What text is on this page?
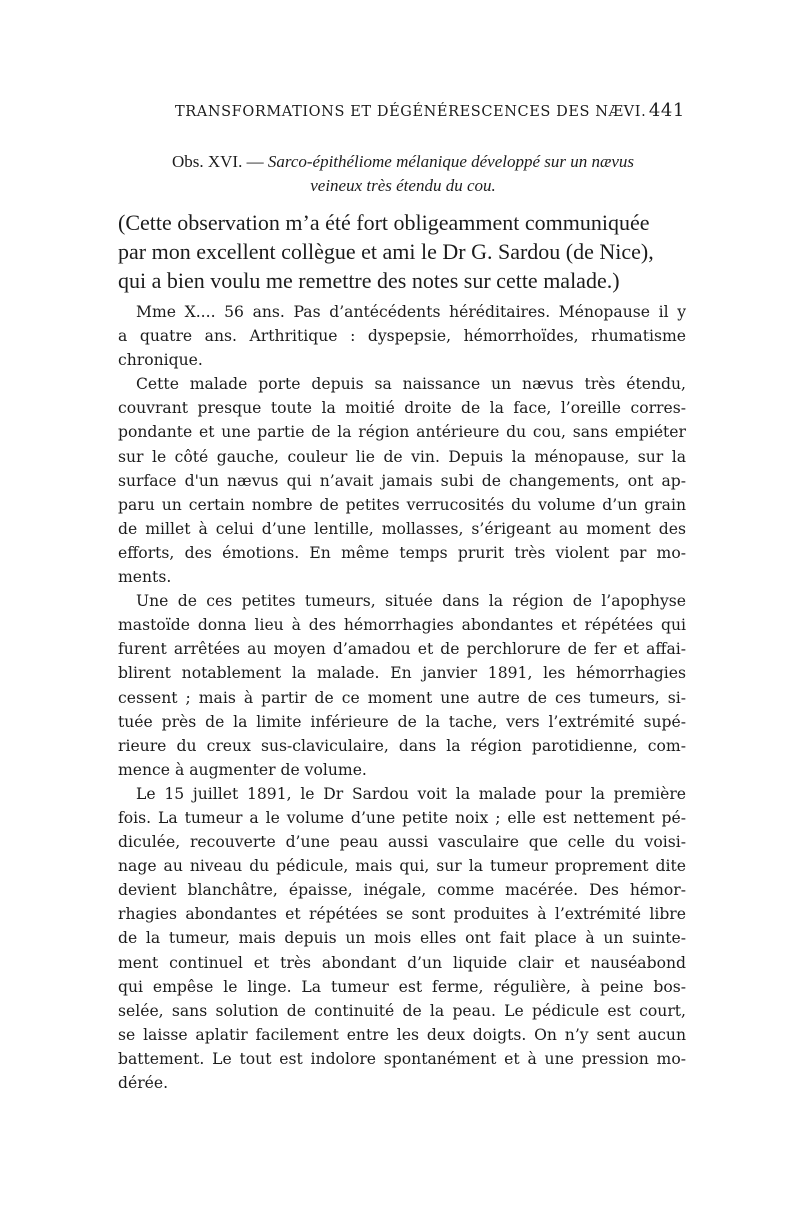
TRANSFORMATIONS ET DÉGÉNÉRESCENCES DES NÆVI. 441
Obs. XVI. — Sarco-épithéliome mélanique développé sur un nævus
veineux très étendu du cou.
(Cette observation m’a été fort obligeamment communiquée
par mon excellent collègue et ami le Dr G. Sardou (de Nice),
qui a bien voulu me remettre des notes sur cette malade.)
Mme X.... 56 ans. Pas d’antécédents héréditaires. Ménopause il y
a quatre ans. Arthritique : dyspepsie, hémorrhoïdes, rhumatisme
chronique.
Cette malade porte depuis sa naissance un nævus très étendu,
couvrant presque toute la moitié droite de la face, l’oreille corres-
pondante et une partie de la région antérieure du cou, sans empiéter
sur le côté gauche, couleur lie de vin. Depuis la ménopause, sur la
surface d'un nævus qui n’avait jamais subi de changements, ont ap-
paru un certain nombre de petites verrucosités du volume d’un grain
de millet à celui d’une lentille, mollasses, s’érigeant au moment des
efforts, des émotions. En même temps prurit très violent par mo-
ments.
Une de ces petites tumeurs, située dans la région de l’apophyse
mastoïde donna lieu à des hémorrhagies abondantes et répétées qui
furent arrêtées au moyen d’amadou et de perchlorure de fer et affai-
blirent notablement la malade. En janvier 1891, les hémorrhagies
cessent ; mais à partir de ce moment une autre de ces tumeurs, si-
tuée près de la limite inférieure de la tache, vers l’extrémité supé-
rieure du creux sus-claviculaire, dans la région parotidienne, com-
mence à augmenter de volume.
Le 15 juillet 1891, le Dr Sardou voit la malade pour la première
fois. La tumeur a le volume d’une petite noix ; elle est nettement pé-
diculée, recouverte d’une peau aussi vasculaire que celle du voisi-
nage au niveau du pédicule, mais qui, sur la tumeur proprement dite
devient blanchâtre, épaisse, inégale, comme macérée. Des hémor-
rhagies abondantes et répétées se sont produites à l’extrémité libre
de la tumeur, mais depuis un mois elles ont fait place à un suinte-
ment continuel et très abondant d’un liquide clair et nauséabond
qui empêse le linge. La tumeur est ferme, régulière, à peine bos-
selée, sans solution de continuité de la peau. Le pédicule est court,
se laisse aplatir facilement entre les deux doigts. On n’y sent aucun
battement. Le tout est indolore spontanément et à une pression mo-
dérée.
